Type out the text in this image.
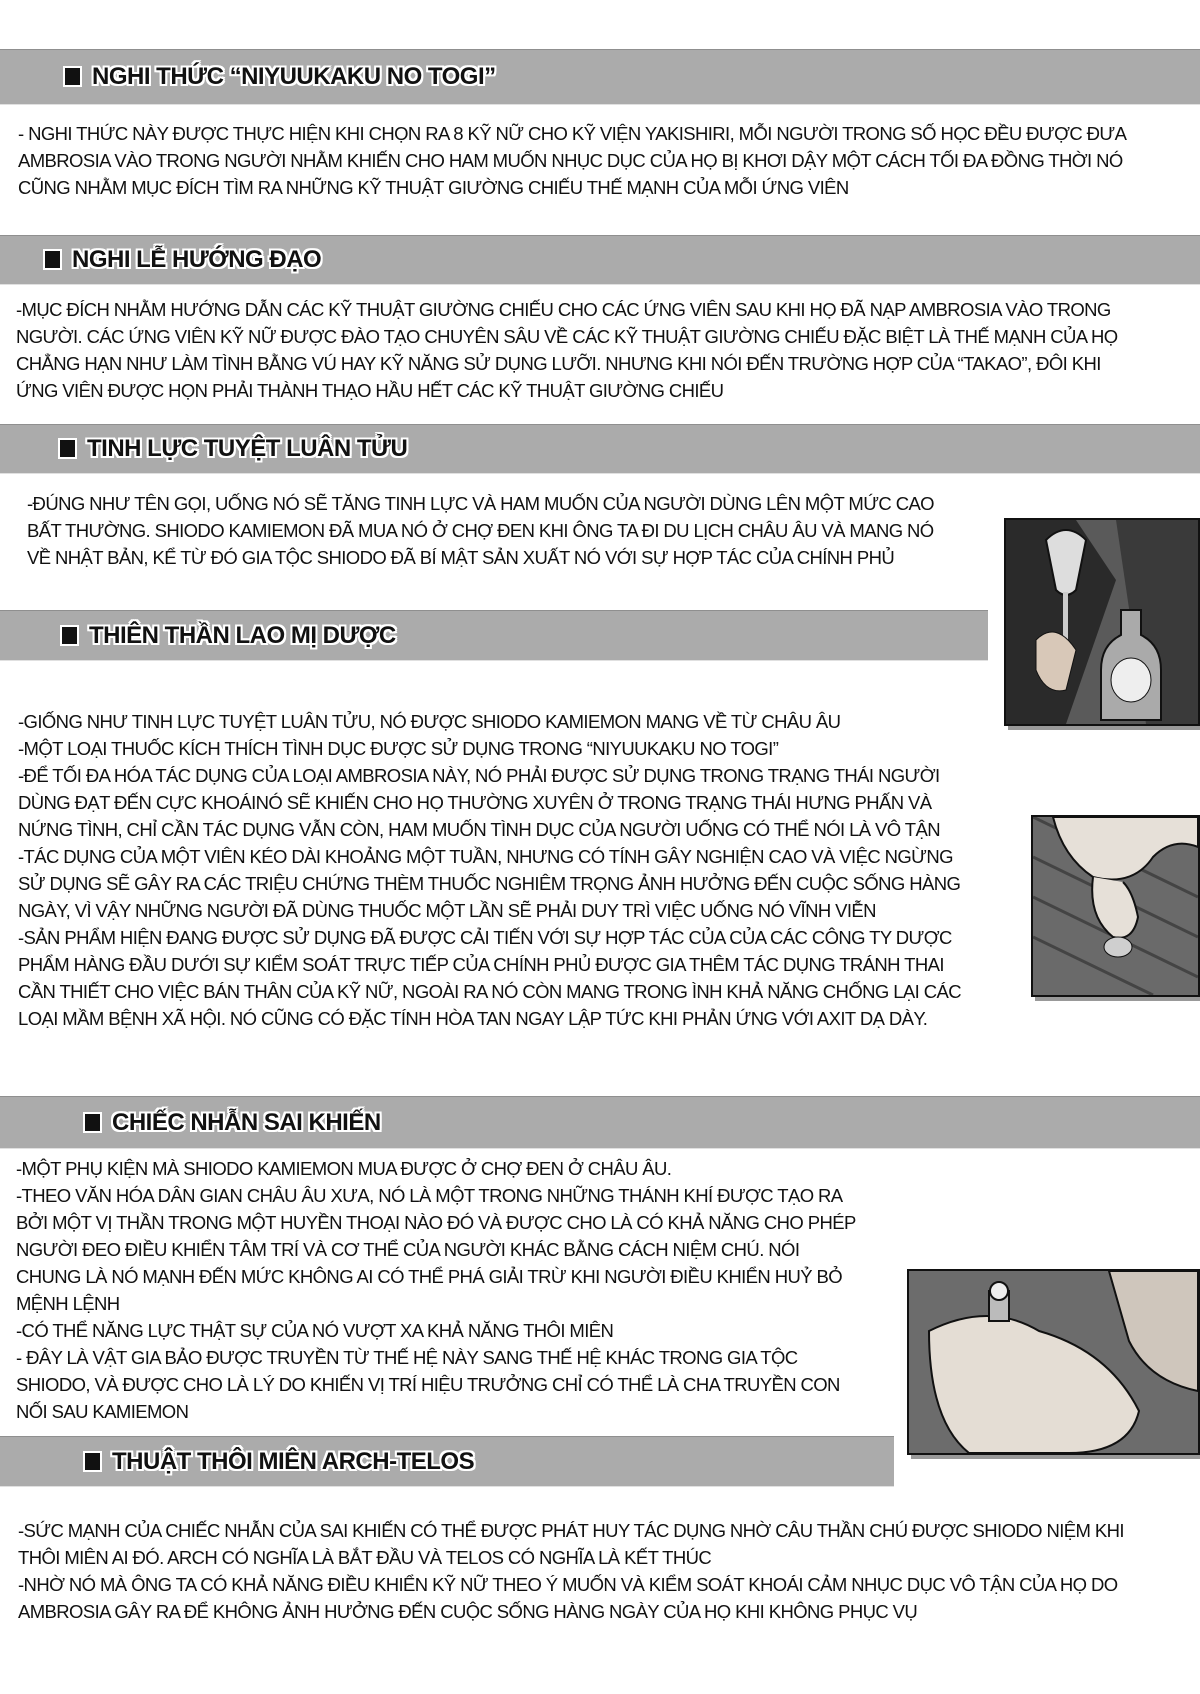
NGHI THỨC “NIYUUKAKU NO TOGI”
- NGHI THỨC NÀY ĐƯỢC THỰC HIỆN KHI CHỌN RA 8 KỸ NỮ CHO KỸ VIỆN YAKISHIRI, MỖI NGƯỜI TRONG SỐ HỌC ĐỀU ĐƯỢC ĐƯA
AMBROSIA VÀO TRONG NGƯỜI NHẰM KHIẾN CHO HAM MUỐN NHỤC DỤC CỦA HỌ BỊ KHƠI DẬY MỘT CÁCH TỐI ĐA ĐỒNG THỜI NÓ
CŨNG NHẰM MỤC ĐÍCH TÌM RA NHỮNG KỸ THUẬT GIƯỜNG CHIẾU THẾ MẠNH CỦA MỖI ỨNG VIÊN
NGHI LỄ HƯỚNG ĐẠO
-MỤC ĐÍCH NHẰM HƯỚNG DẪN CÁC KỸ THUẬT GIƯỜNG CHIẾU CHO CÁC ỨNG VIÊN SAU KHI HỌ ĐÃ NẠP AMBROSIA VÀO TRONG
NGƯỜI. CÁC ỨNG VIÊN KỸ NỮ ĐƯỢC ĐÀO TẠO CHUYÊN SÂU VỀ CÁC KỸ THUẬT GIƯỜNG CHIẾU ĐẶC BIỆT LÀ THẾ MẠNH CỦA HỌ
CHẲNG HẠN NHƯ LÀM TÌNH BẰNG VÚ HAY KỸ NĂNG SỬ DỤNG LƯỠI. NHƯNG KHI NÓI ĐẾN TRƯỜNG HỢP CỦA “TAKAO”, ĐÔI KHI
ỨNG VIÊN ĐƯỢC HỌN PHẢI THÀNH THẠO HẦU HẾT CÁC KỸ THUẬT GIƯỜNG CHIẾU
TINH LỰC TUYỆT LUÂN TỬU
-ĐÚNG NHƯ TÊN GỌI, UỐNG NÓ SẼ TĂNG TINH LỰC VÀ HAM MUỐN CỦA NGƯỜI DÙNG LÊN MỘT MỨC CAO
BẤT THƯỜNG. SHIODO KAMIEMON ĐÃ MUA NÓ Ở CHỢ ĐEN KHI ÔNG TA ĐI DU LỊCH CHÂU ÂU VÀ MANG NÓ
VỀ NHẬT BẢN, KỂ TỪ ĐÓ GIA TỘC SHIODO ĐÃ BÍ MẬT SẢN XUẤT NÓ VỚI SỰ HỢP TÁC CỦA CHÍNH PHỦ
THIÊN THẦN LAO MỊ DƯỢC
-GIỐNG NHƯ TINH LỰC TUYỆT LUÂN TỬU, NÓ ĐƯỢC SHIODO KAMIEMON MANG VỀ TỪ CHÂU ÂU
-MỘT LOẠI THUỐC KÍCH THÍCH TÌNH DỤC ĐƯỢC SỬ DỤNG TRONG “NIYUUKAKU NO TOGI”
-ĐỂ TỐI ĐA HÓA TÁC DỤNG CỦA LOẠI AMBROSIA NÀY, NÓ PHẢI ĐƯỢC SỬ DỤNG TRONG TRẠNG THÁI NGƯỜI
DÙNG ĐẠT ĐẾN CỰC KHOÁINÓ SẼ KHIẾN CHO HỌ THƯỜNG XUYÊN Ở TRONG TRẠNG THÁI HƯNG PHẤN VÀ
NỨNG TÌNH, CHỈ CẦN TÁC DỤNG VẪN CÒN, HAM MUỐN TÌNH DỤC CỦA NGƯỜI UỐNG CÓ THỂ NÓI LÀ VÔ TẬN
-TÁC DỤNG CỦA MỘT VIÊN KÉO DÀI KHOẢNG MỘT TUẦN, NHƯNG CÓ TÍNH GÂY NGHIỆN CAO VÀ VIỆC NGỪNG
SỬ DỤNG SẼ GÂY RA CÁC TRIỆU CHỨNG THÈM THUỐC NGHIÊM TRỌNG ẢNH HƯỞNG ĐẾN CUỘC SỐNG HÀNG
NGÀY, VÌ VẬY NHỮNG NGƯỜI ĐÃ DÙNG THUỐC MỘT LẦN SẼ PHẢI DUY TRÌ VIỆC UỐNG NÓ VĨNH VIỄN
-SẢN PHẨM HIỆN ĐANG ĐƯỢC SỬ DỤNG ĐÃ ĐƯỢC CẢI TIẾN VỚI SỰ HỢP TÁC CỦA CỦA CÁC CÔNG TY DƯỢC
PHẨM HÀNG ĐẦU DƯỚI SỰ KIỂM SOÁT TRỰC TIẾP CỦA CHÍNH PHỦ ĐƯỢC GIA THÊM TÁC DỤNG TRÁNH THAI
CẦN THIẾT CHO VIỆC BÁN THÂN CỦA KỸ NỮ, NGOÀI RA NÓ CÒN MANG TRONG ÌNH KHẢ NĂNG CHỐNG LẠI CÁC
LOẠI MẦM BỆNH XÃ HỘI. NÓ CŨNG CÓ ĐẶC TÍNH HÒA TAN NGAY LẬP TỨC KHI PHẢN ỨNG VỚI AXIT DẠ DÀY.
CHIẾC NHẪN SAI KHIẾN
-MỘT PHỤ KIỆN MÀ SHIODO KAMIEMON MUA ĐƯỢC Ở CHỢ ĐEN Ở CHÂU ÂU.
-THEO VĂN HÓA DÂN GIAN CHÂU ÂU XƯA, NÓ LÀ MỘT TRONG NHỮNG THÁNH KHÍ ĐƯỢC TẠO RA
BỞI MỘT VỊ THẦN TRONG MỘT HUYỀN THOẠI NÀO ĐÓ VÀ ĐƯỢC CHO LÀ CÓ KHẢ NĂNG CHO PHÉP
NGƯỜI ĐEO ĐIỀU KHIỂN TÂM TRÍ VÀ CƠ THỂ CỦA NGƯỜI KHÁC BẰNG CÁCH NIỆM CHÚ. NÓI
CHUNG LÀ NÓ MẠNH ĐẾN MỨC KHÔNG AI CÓ THỂ PHÁ GIẢI TRỪ KHI NGƯỜI ĐIỀU KHIỂN HUỶ BỎ
MỆNH LỆNH
-CÓ THỂ NĂNG LỰC THẬT SỰ CỦA NÓ VƯỢT XA KHẢ NĂNG THÔI MIÊN
- ĐÂY LÀ VẬT GIA BẢO ĐƯỢC TRUYỀN TỪ THẾ HỆ NÀY SANG THẾ HỆ KHÁC TRONG GIA TỘC
SHIODO, VÀ ĐƯỢC CHO LÀ LÝ DO KHIẾN VỊ TRÍ HIỆU TRƯỞNG CHỈ CÓ THỂ LÀ CHA TRUYỀN CON
NỐI SAU KAMIEMON
THUẬT THÔI MIÊN ARCH-TELOS
-SỨC MẠNH CỦA CHIẾC NHẪN CỦA SAI KHIẾN CÓ THỂ ĐƯỢC PHÁT HUY TÁC DỤNG NHỜ CÂU THẦN CHÚ ĐƯỢC SHIODO NIỆM KHI
THÔI MIÊN AI ĐÓ. ARCH CÓ NGHĨA LÀ BẮT ĐẦU VÀ TELOS CÓ NGHĨA LÀ KẾT THÚC
-NHỜ NÓ MÀ ÔNG TA CÓ KHẢ NĂNG ĐIỀU KHIỂN KỸ NỮ THEO Ý MUỐN VÀ KIỂM SOÁT KHOÁI CẢM NHỤC DỤC VÔ TẬN CỦA HỌ DO
AMBROSIA GÂY RA ĐỂ KHÔNG ẢNH HƯỞNG ĐẾN CUỘC SỐNG HÀNG NGÀY CỦA HỌ KHI KHÔNG PHỤC VỤ
